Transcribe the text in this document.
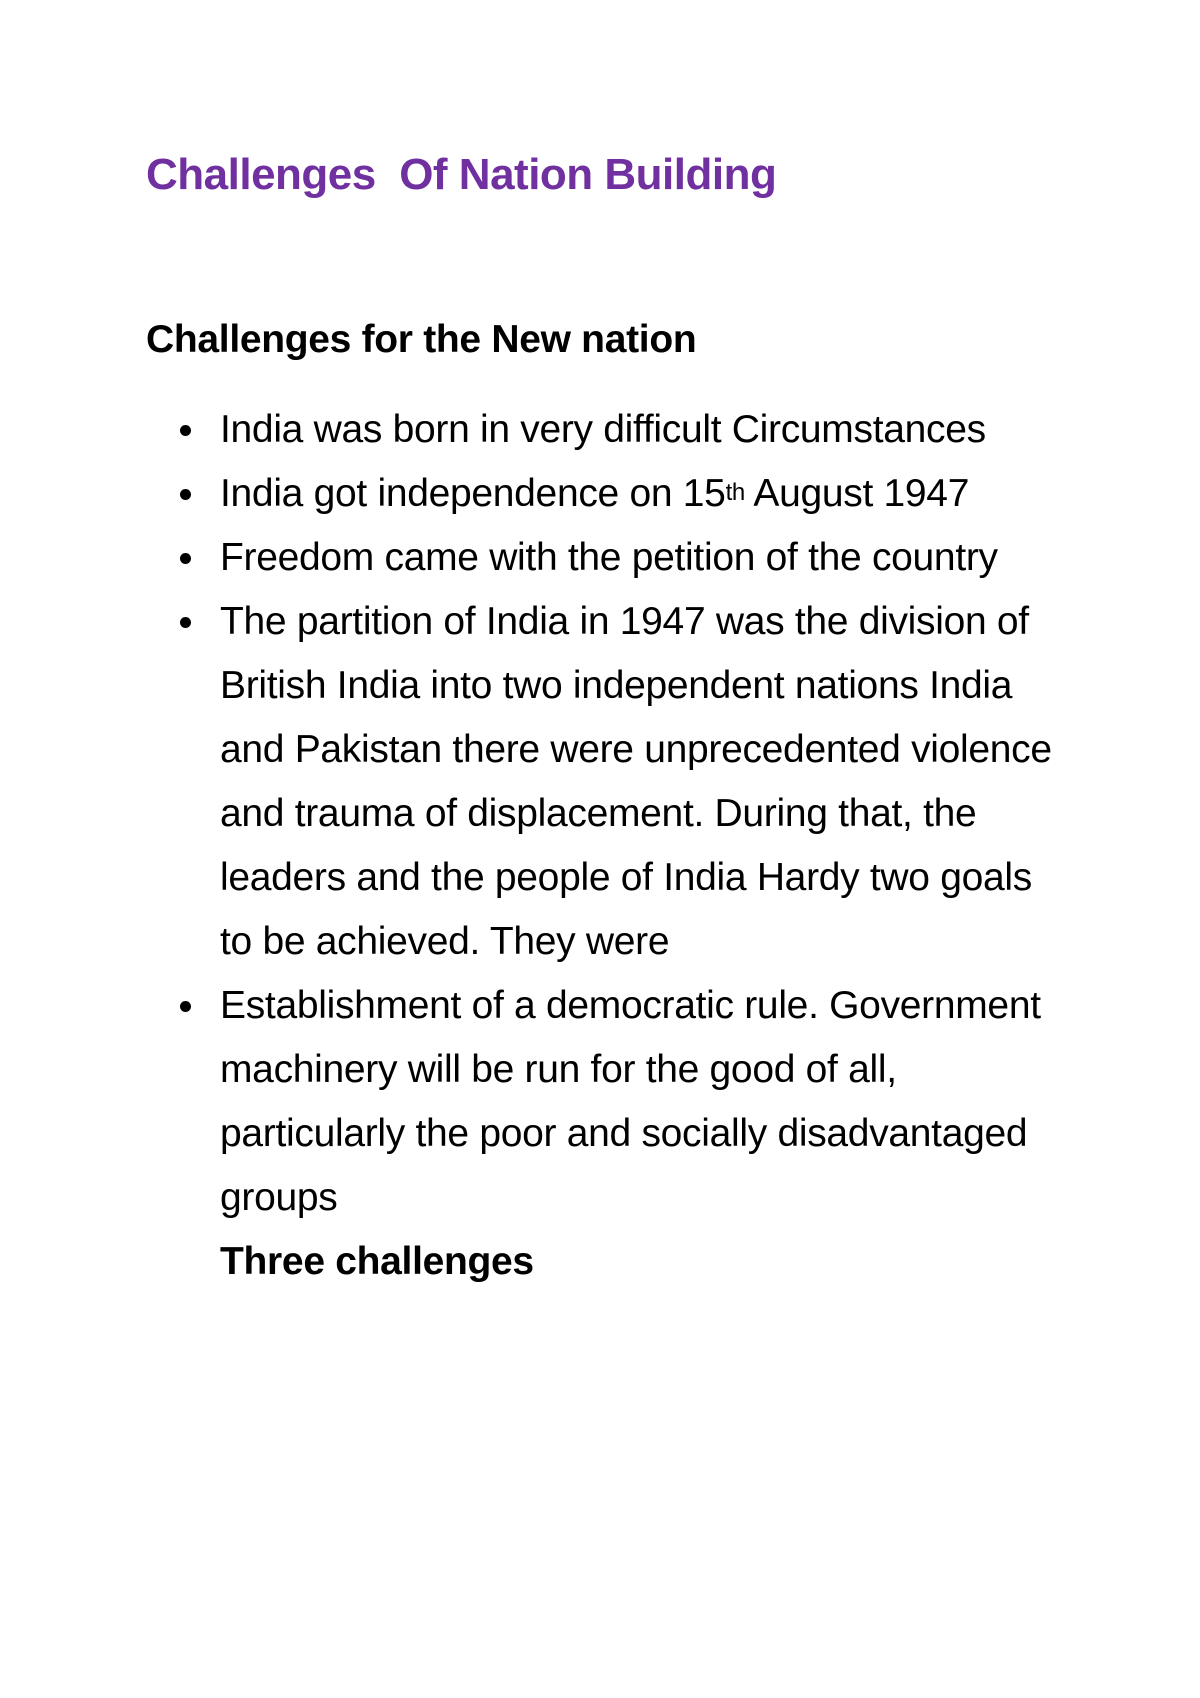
Challenges  Of Nation Building
Challenges for the New nation
India was born in very difficult Circumstances
India got independence on 15th August 1947
Freedom came with the petition of the country
The partition of India in 1947 was the division of British India into two independent nations India and Pakistan there were unprecedented violence and trauma of displacement. During that, the leaders and the people of India Hardy two goals to be achieved. They were
Establishment of a democratic rule. Government machinery will be run for the good of all, particularly the poor and socially disadvantaged groups
Three challenges
